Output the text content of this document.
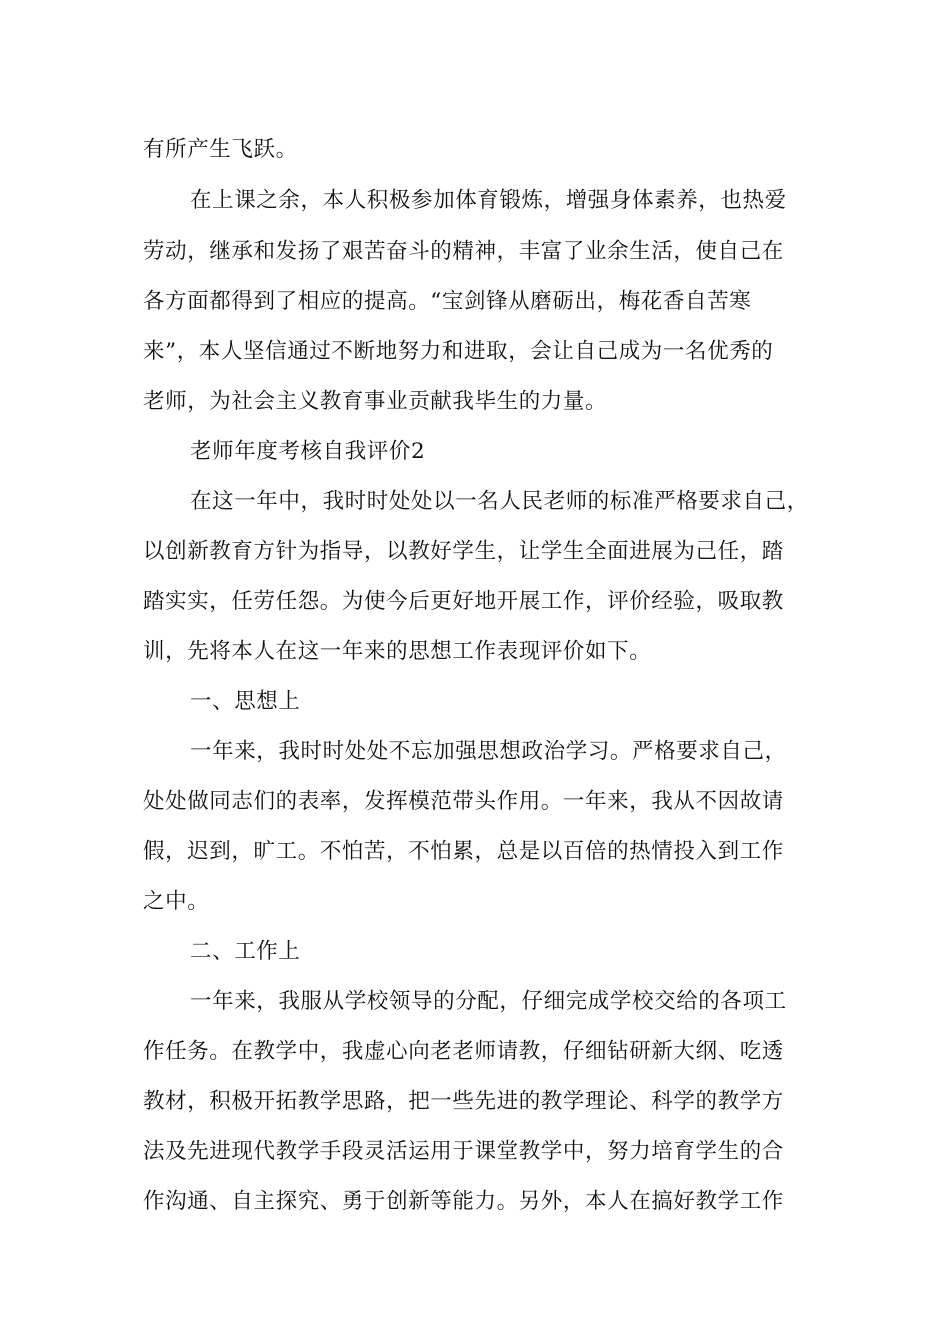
有所产生飞跃。
在上课之余，本人积极参加体育锻炼，增强身体素养，也热爱
劳动，继承和发扬了艰苦奋斗的精神，丰富了业余生活，使自己在
各方面都得到了相应的提高。“宝剑锋从磨砺出，梅花香自苦寒
来”，本人坚信通过不断地努力和进取，会让自己成为一名优秀的
老师，为社会主义教育事业贡献我毕生的力量。
老师年度考核自我评价2
在这一年中，我时时处处以一名人民老师的标准严格要求自己，
以创新教育方针为指导，以教好学生，让学生全面进展为己任，踏
踏实实，任劳任怨。为使今后更好地开展工作，评价经验，吸取教
训，先将本人在这一年来的思想工作表现评价如下。
一、思想上
一年来，我时时处处不忘加强思想政治学习。严格要求自己，
处处做同志们的表率，发挥模范带头作用。一年来，我从不因故请
假，迟到，旷工。不怕苦，不怕累，总是以百倍的热情投入到工作
之中。
二、工作上
一年来，我服从学校领导的分配，仔细完成学校交给的各项工
作任务。在教学中，我虚心向老老师请教，仔细钻研新大纲、吃透
教材，积极开拓教学思路，把一些先进的教学理论、科学的教学方
法及先进现代教学手段灵活运用于课堂教学中，努力培育学生的合
作沟通、自主探究、勇于创新等能力。另外，本人在搞好教学工作
